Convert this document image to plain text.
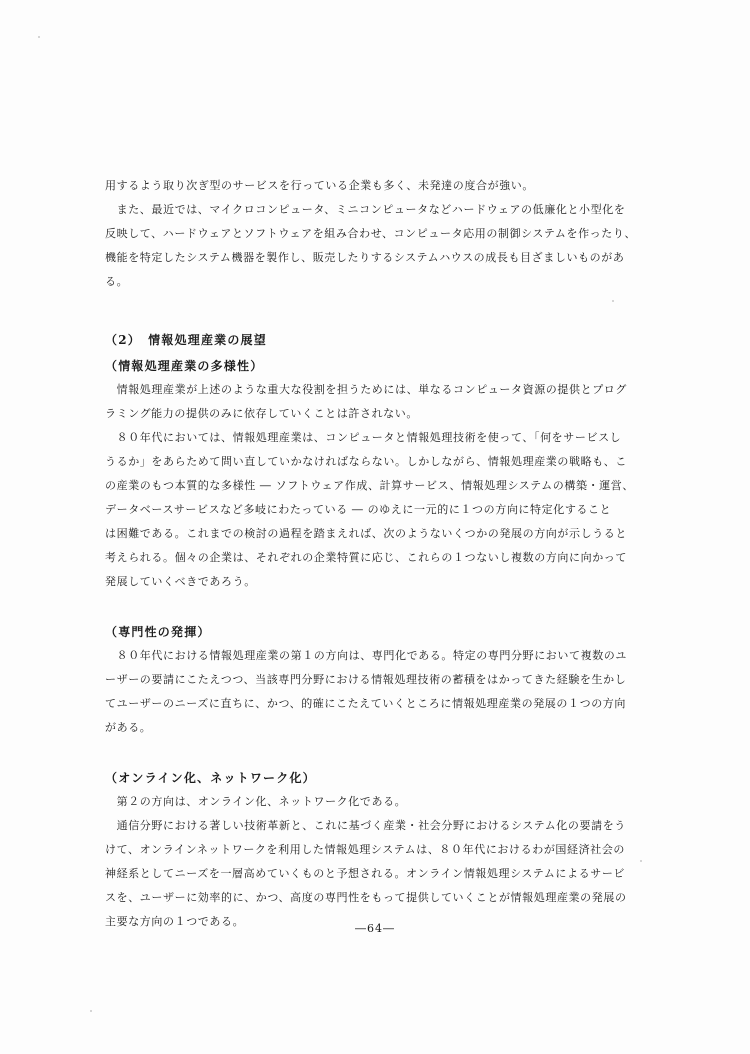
用するよう取り次ぎ型のサービスを行っている企業も多く、未発達の度合が強い。
　また、最近では、マイクロコンピュータ、ミニコンピュータなどハードウェアの低廉化と小型化を
反映して、ハードウェアとソフトウェアを組み合わせ、コンピュータ応用の制御システムを作ったり、
機能を特定したシステム機器を製作し、販売したりするシステムハウスの成長も目ざましいものがあ
る。
（2）　情報処理産業の展望
（情報処理産業の多様性）
　情報処理産業が上述のような重大な役割を担うためには、単なるコンピュータ資源の提供とプログ
ラミング能力の提供のみに依存していくことは許されない。
　８０年代においては、情報処理産業は、コンピュータと情報処理技術を使って、「何をサービスし
うるか」をあらためて問い直していかなければならない。しかしながら、情報処理産業の戦略も、こ
の産業のもつ本質的な多様性 ― ソフトウェア作成、計算サービス、情報処理システムの構築・運営、
データベースサービスなど多岐にわたっている ― のゆえに一元的に１つの方向に特定化すること
は困難である。これまでの検討の過程を踏まえれば、次のようないくつかの発展の方向が示しうると
考えられる。個々の企業は、それぞれの企業特質に応じ、これらの１つないし複数の方向に向かって
発展していくべきであろう。
（専門性の発揮）
　８０年代における情報処理産業の第１の方向は、専門化である。特定の専門分野において複数のユ
ーザーの要請にこたえつつ、当該専門分野における情報処理技術の蓄積をはかってきた経験を生かし
てユーザーのニーズに直ちに、かつ、的確にこたえていくところに情報処理産業の発展の１つの方向
がある。
（オンライン化、ネットワーク化）
　第２の方向は、オンライン化、ネットワーク化である。
　通信分野における著しい技術革新と、これに基づく産業・社会分野におけるシステム化の要請をう
けて、オンラインネットワークを利用した情報処理システムは、８０年代におけるわが国経済社会の
神経系としてニーズを一層高めていくものと予想される。オンライン情報処理システムによるサービ
スを、ユーザーに効率的に、かつ、高度の専門性をもって提供していくことが情報処理産業の発展の
主要な方向の１つである。
―64―
